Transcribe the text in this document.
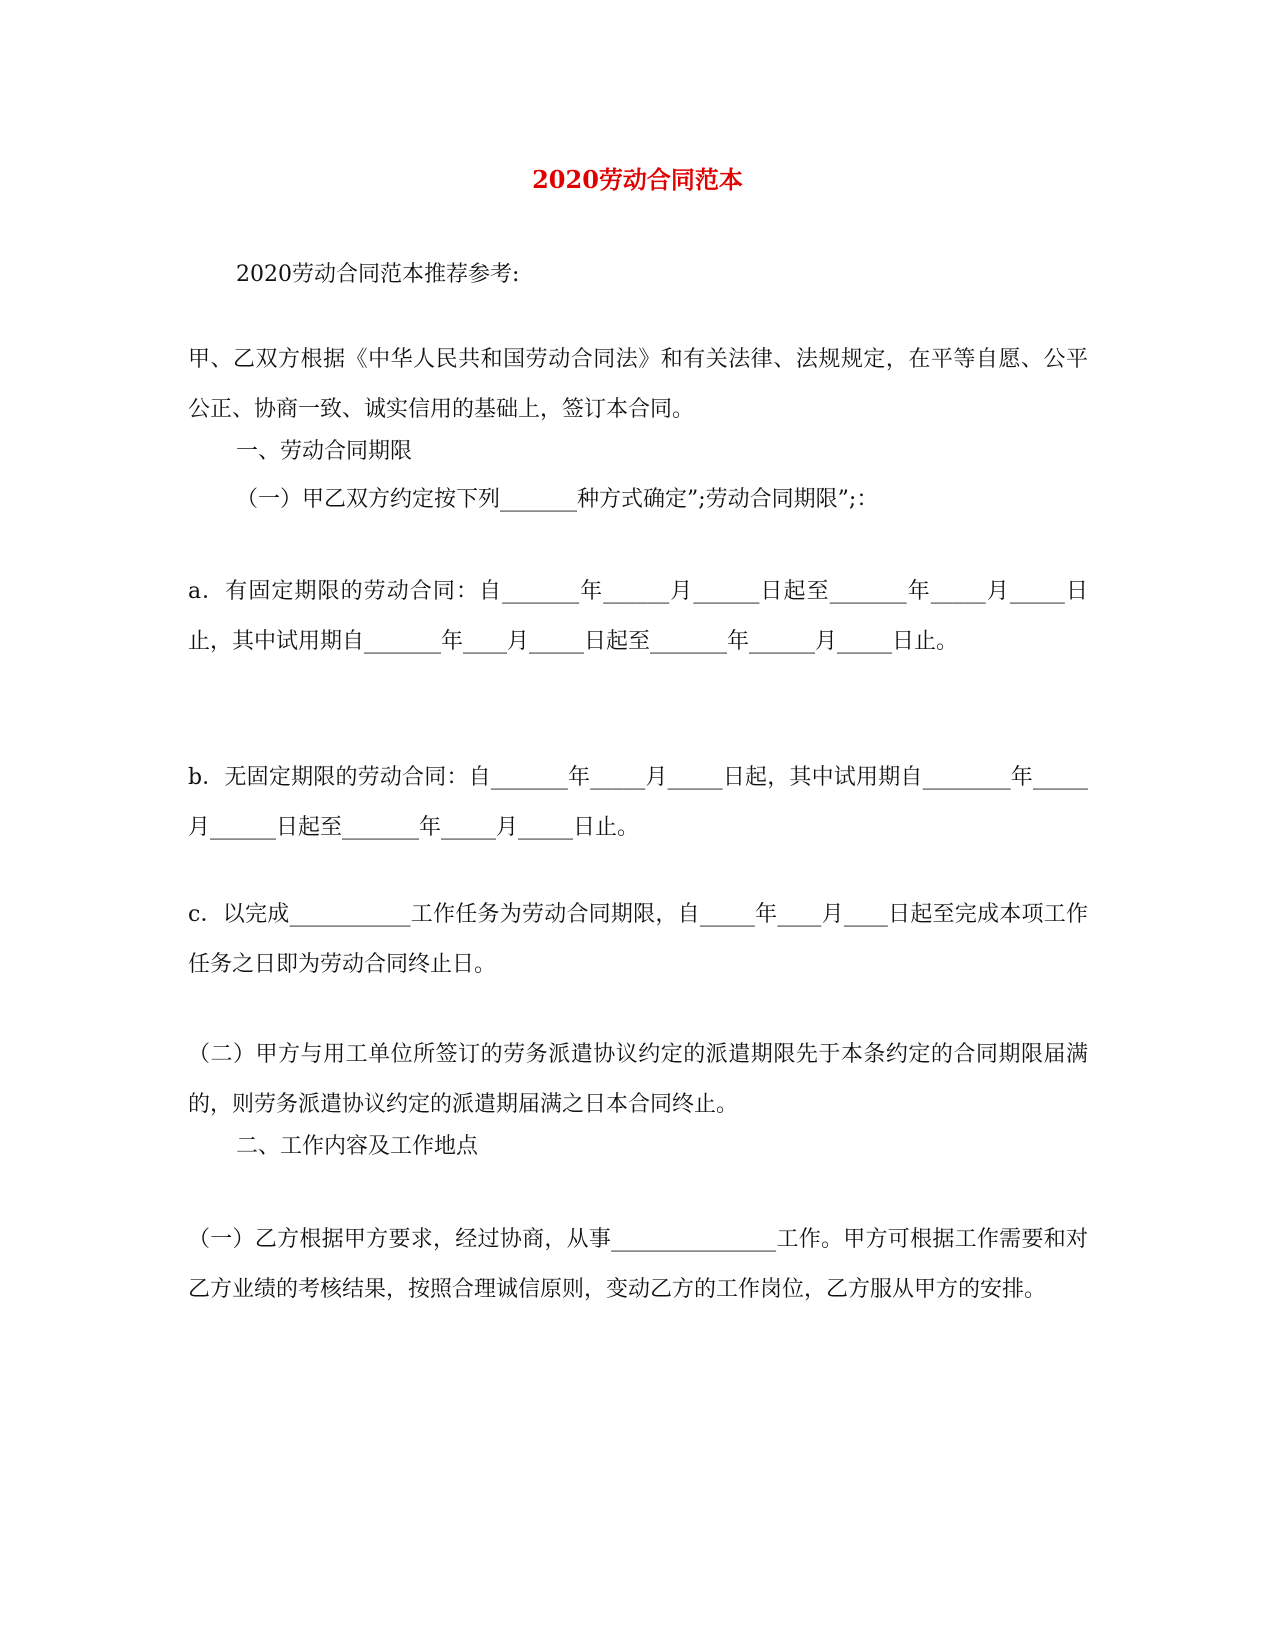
2020劳动合同范本
2020劳动合同范本推荐参考:
甲、乙双方根据《中华人民共和国劳动合同法》和有关法律、法规规定，在平等自愿、公平公正、协商一致、诚实信用的基础上，签订本合同。
一、劳动合同期限
（一）甲乙双方约定按下列_______种方式确定”;劳动合同期限”;：
a．有固定期限的劳动合同：自_______年______月______日起至_______年_____月_____日止，其中试用期自_______年____月_____日起至_______年______月_____日止。
b．无固定期限的劳动合同：自_______年_____月_____日起，其中试用期自________年_____月______日起至_______年_____月_____日止。
c．以完成___________工作任务为劳动合同期限，自_____年____月____日起至完成本项工作任务之日即为劳动合同终止日。
（二）甲方与用工单位所签订的劳务派遣协议约定的派遣期限先于本条约定的合同期限届满的，则劳务派遣协议约定的派遣期届满之日本合同终止。
二、工作内容及工作地点
（一）乙方根据甲方要求，经过协商，从事_______________工作。甲方可根据工作需要和对乙方业绩的考核结果，按照合理诚信原则，变动乙方的工作岗位，乙方服从甲方的安排。
